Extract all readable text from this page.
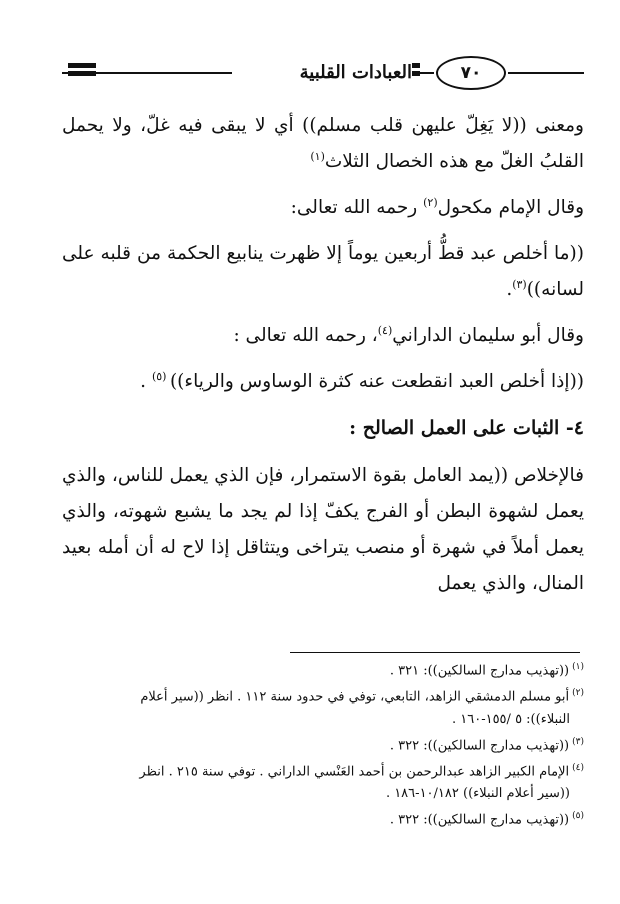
العبادات القلبية	٧٠

ومعنى ((لا يَغِلّ عليهن قلب مسلم)) أي لا يبقى فيه غلّ، ولا يحمل القلبُ الغلّ مع هذه الخصال الثلاث$^{(١)}$

وقال الإمام مكحول$^{(٢)}$ رحمه الله تعالى:

((ما أخلص عبد قطُّ أربعين يوماً إلا ظهرت ينابيع الحكمة من قلبه على لسانه))$^{(٣)}$.

وقال أبو سليمان الداراني$^{(٤)}$، رحمه الله تعالى :

((إذا أخلص العبد انقطعت عنه كثرة الوساوس والرياء)) $^{(٥)}$ .

٤- الثبات على العمل الصالح :

فالإخلاص ((يمد العامل بقوة الاستمرار، فإن الذي يعمل للناس، والذي يعمل لشهوة البطن أو الفرج يكفّ إذا لم يجد ما يشبع شهوته، والذي يعمل أملاً في شهرة أو منصب يتراخى ويتثاقل إذا لاح له أن أمله بعيد المنال، والذي يعمل

$^{(١)}$((تهذيب مدارج السالكين)): ٣٢١ .

$^{(٢)}$أبو مسلم الدمشقي الزاهد، التابعي، توفي في حدود سنة ١١٢ . انظر ((سير أعلام

النبلاء)): ٥ /١٥٥-١٦٠ .

$^{(٣)}$((تهذيب مدارج السالكين)): ٣٢٢ .

$^{(٤)}$الإمام الكبير الزاهد عبدالرحمن بن أحمد العَنْسي الداراني . توفي سنة ٢١٥ . انظر

((سير أعلام النبلاء)) ١٠/١٨٢-١٨٦ .

$^{(٥)}$((تهذيب مدارج السالكين)): ٣٢٢ .
